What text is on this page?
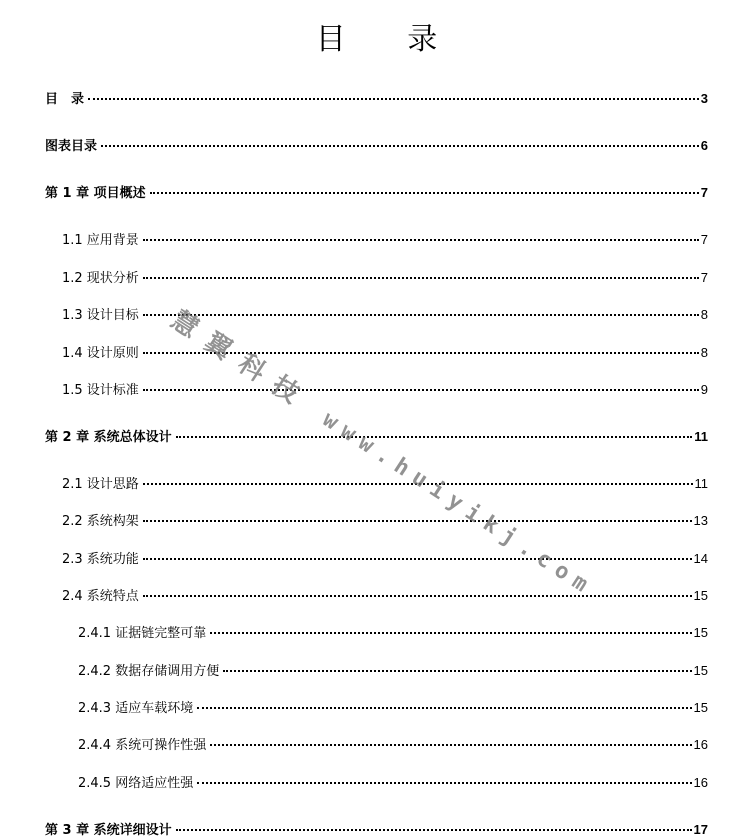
目 录
目　录	3
图表目录	6
第 1 章 项目概述	7
1.1 应用背景	7
1.2 现状分析	7
1.3 设计目标	8
1.4 设计原则	8
1.5 设计标准	9
第 2 章 系统总体设计	11
2.1 设计思路	11
2.2 系统构架	13
2.3 系统功能	14
2.4 系统特点	15
2.4.1 证据链完整可靠	15
2.4.2 数据存储调用方便	15
2.4.3 适应车载环境	15
2.4.4 系统可操作性强	16
2.4.5 网络适应性强	16
第 3 章 系统详细设计	17
慧翼科技 www.huiyikj.com
